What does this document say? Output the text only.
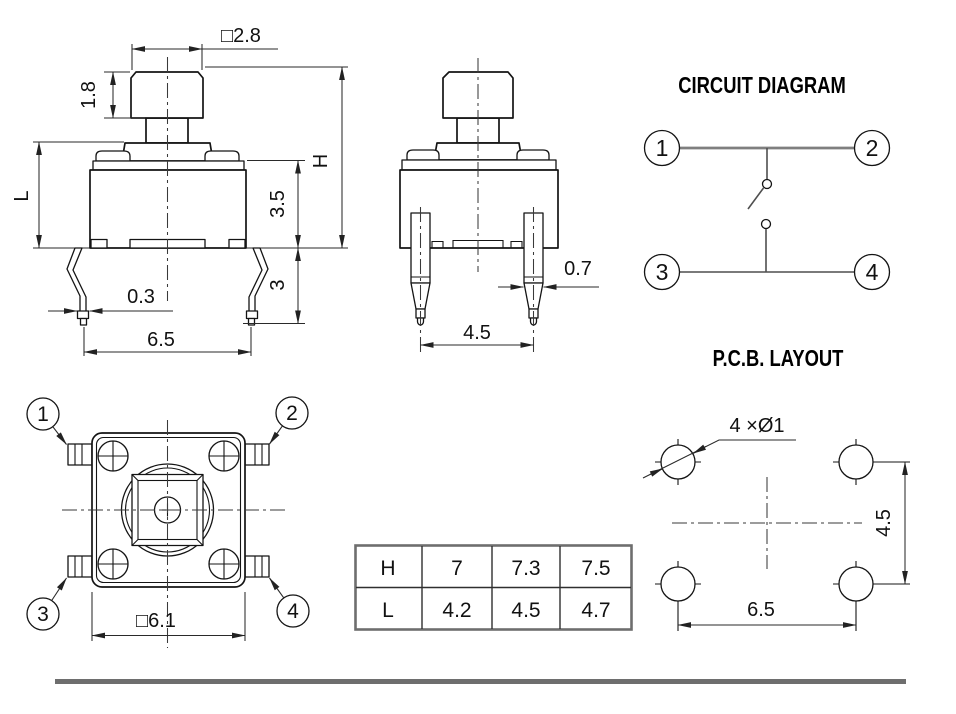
□2.8
1.8
L
H
3.5
3
0.3
6.5
0.7
4.5
CIRCUIT DIAGRAM
1	2
3	4
1	2
3	4
□6.1
P.C.B. LAYOUT
4 ×Ø1
4.5
6.5
H	7 7.3 7.5
L 4.2 4.5 4.7
